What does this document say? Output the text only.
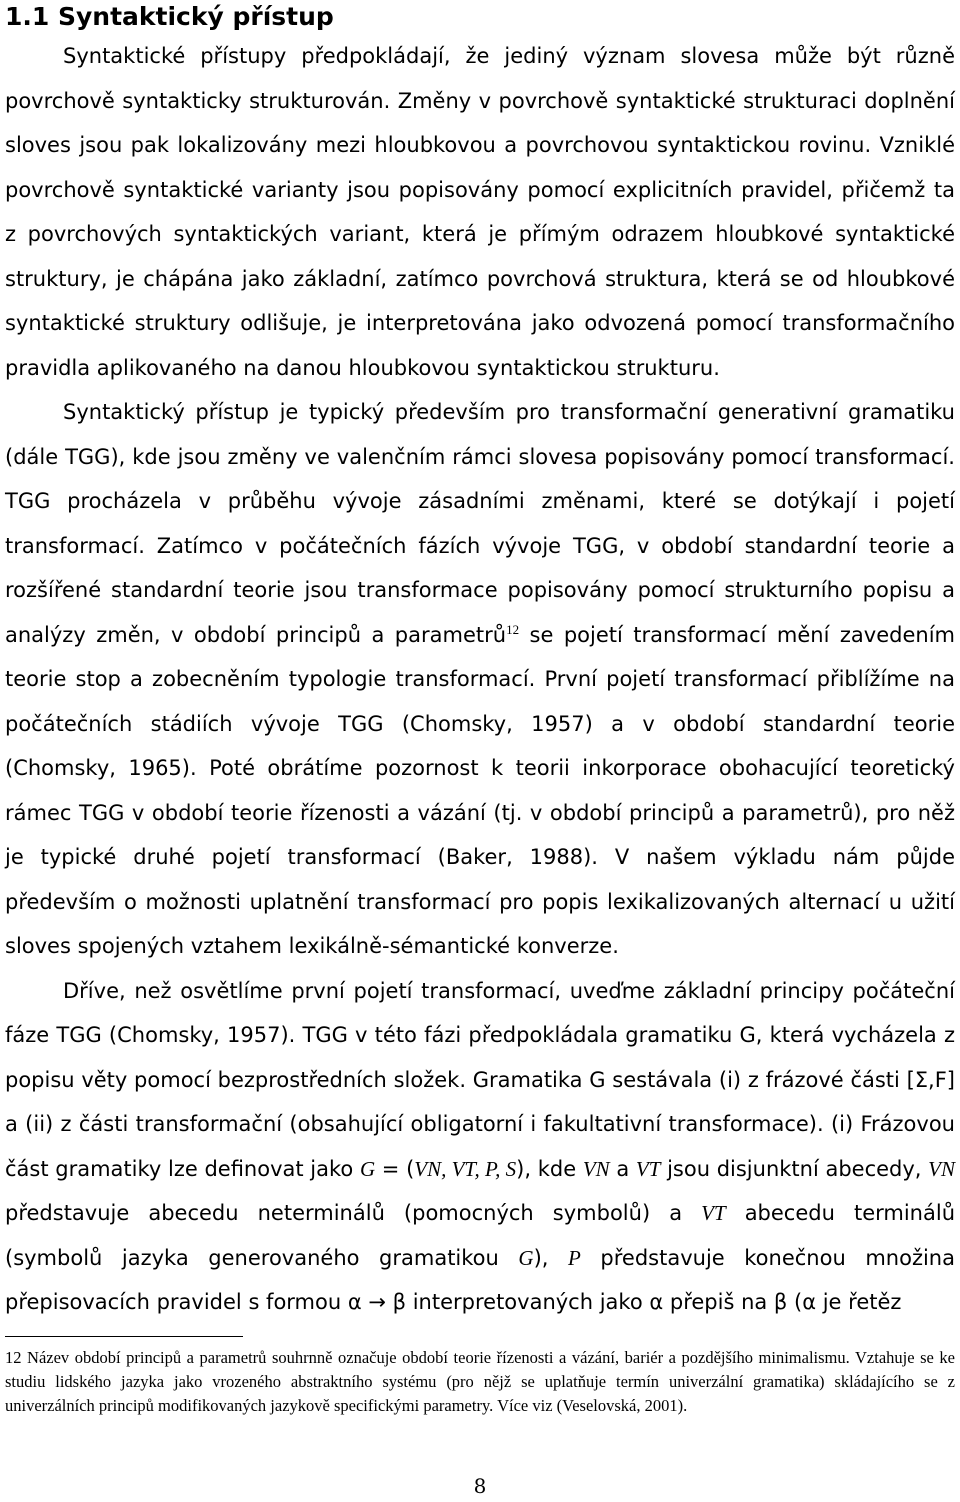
1.1 Syntaktický přístup

Syntaktické přístupy předpokládají, že jediný význam slovesa může být různě povrchově syntakticky strukturován. Změny v povrchově syntaktické strukturaci doplnění sloves jsou pak lokalizovány mezi hloubkovou a povrchovou syntaktickou rovinu. Vzniklé povrchově syntaktické varianty jsou popisovány pomocí explicitních pravidel, přičemž ta z povrchových syntaktických variant, která je přímým odrazem hloubkové syntaktické struktury, je chápána jako základní, zatímco povrchová struktura, která se od hloubkové syntaktické struktury odlišuje, je interpretována jako odvozená pomocí transformačního pravidla aplikovaného na danou hloubkovou syntaktickou strukturu.

Syntaktický přístup je typický především pro transformační generativní gramatiku (dále TGG), kde jsou změny ve valenčním rámci slovesa popisovány pomocí transformací. TGG procházela v průběhu vývoje zásadními změnami, které se dotýkají i pojetí transformací. Zatímco v počátečních fázích vývoje TGG, v období standardní teorie a rozšířené standardní teorie jsou transformace popisovány pomocí strukturního popisu a analýzy změn, v období principů a parametrů$^{12}$ se pojetí transformací mění zavedením teorie stop a zobecněním typologie transformací. První pojetí transformací přiblížíme na počátečních stádiích vývoje TGG (Chomsky, 1957) a v období standardní teorie (Chomsky, 1965). Poté obrátíme pozornost k teorii inkorporace obohacující teoretický rámec TGG v období teorie řízenosti a vázání (tj. v období principů a parametrů), pro něž je typické druhé pojetí transformací (Baker, 1988). V našem výkladu nám půjde především o možnosti uplatnění transformací pro popis lexikalizovaných alternací u užití sloves spojených vztahem lexikálně-sémantické konverze.

Dříve, než osvětlíme první pojetí transformací, uveďme základní principy počáteční fáze TGG (Chomsky, 1957). TGG v této fázi předpokládala gramatiku G, která vycházela z popisu věty pomocí bezprostředních složek. Gramatika G sestávala (i) z frázové části [Σ,F] a (ii) z části transformační (obsahující obligatorní i fakultativní transformace). (i) Frázovou část gramatiky lze definovat jako G = (VN, VT, P, S), kde VN a VT jsou disjunktní abecedy, VN představuje abecedu neterminálů (pomocných symbolů) a VT abecedu terminálů (symbolů jazyka generovaného gramatikou G), P představuje konečnou množina přepisovacích pravidel s formou α → β interpretovaných jako α přepiš na β (α je řetěz

12 Název období principů a parametrů souhrnně označuje období teorie řízenosti a vázání, bariér a pozdějšího minimalismu. Vztahuje se ke studiu lidského jazyka jako vrozeného abstraktního systému (pro nějž se uplatňuje termín univerzální gramatika) skládajícího se z univerzálních principů modifikovaných jazykově specifickými parametry. Více viz (Veselovská, 2001).
8
